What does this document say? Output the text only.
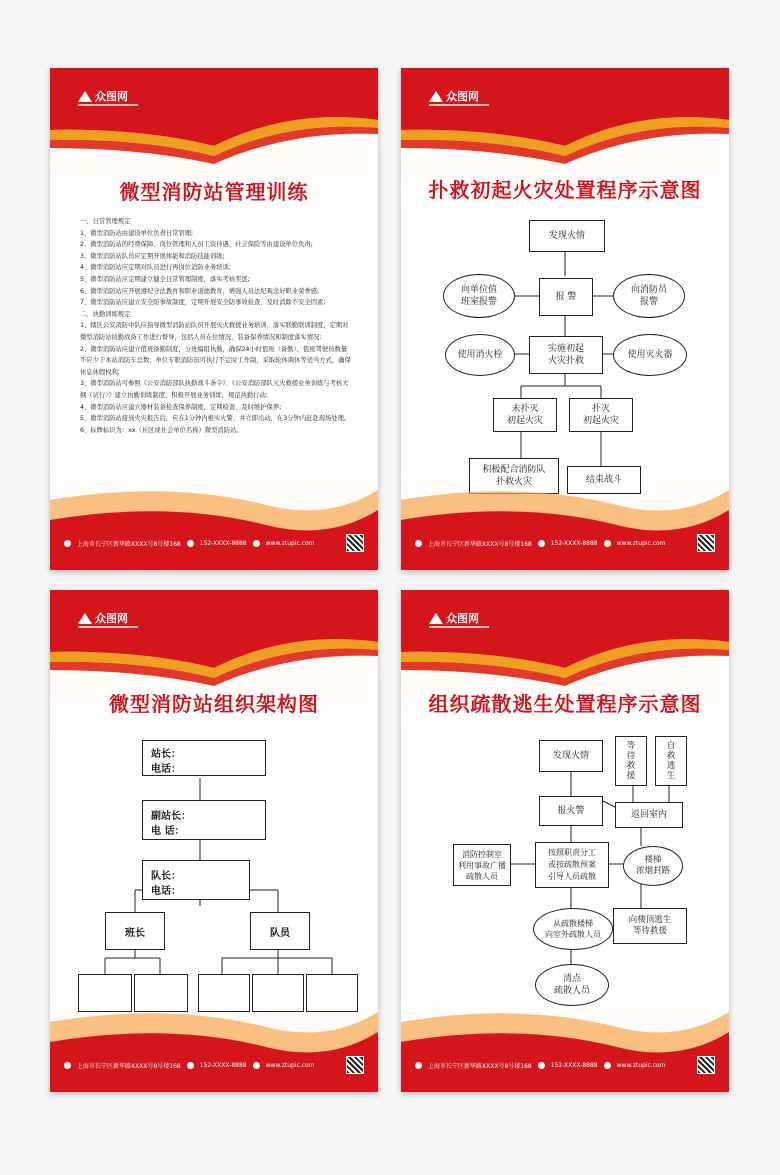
众图网
微型消防站管理训练

一、日常管理规定

1、微型消防站由建设单位负责日常管理;

2、微型消防站的经费保障、岗位管理和人员工资待遇、社会保险等由建设单位负责;

3、微型消防站队员应定期开展体能和消防技能训练;

4、微型消防站应定期对队员进行再岗位消防业务培训;

5、微型消防站应定期建立健全日常管理制度，落实考核奖惩;

6、微型消防站应开展遵纪守法教育和职业道德教育，增强人员法纪观念好职业荣誉感;

7、微型消防站应建立安全防事故制度，定期开展安全防事故检查，及时消除不安全因素;

二、执勤训练规定

1、辖区公安消防中队应指导微型消防站队员开展灭火救援业务培训，落实联勤联训制度，定期对微型消防站执勤战备工作进行督导，包括人员在位情况，装备保养情况和制度落实情况;

2、微型消防站应建立值班备勤制度，分班编组执勤，确保24小时值班（备勤），值班驾驶员数量不应少于本站消防车总数；单位专职消防员可执行不定时工作制，采取轮休调休等适当方式，确保休息休假权利;

3、微型消防站可参照《公安消防部队执勤战斗条令》、《公安消防部队灭火救援业务训练与考核大纲（试行）》建立执勤训练制度，积极开展业务训练，规范执勤行动;

4、微型消防站应建立器材装备检查保养制度，定期检查、及时维护保养;

5、微型消防站接到火灾报告后，应在1分钟内根实火警，并立即出动，在3分钟内赶赴现场处理。

6、标牌标识为：xx（社区或社会单位名称）微型消防站。

上海市长宁区新华路XXXX号8号楼168	152-XXXX-8888	www.ztupic.com
众图网
扑救初起火灾处置程序示意图
发现火情
向单位值
班室报警	报 警
向消防员
报警
使用消火栓
实施初起
火灾扑救
使用灭火器
未扑灭
初起火灾
扑灭
初起火灾
积极配合消防队
扑救火灾	结束战斗
上海市长宁区新华路XXXX号8号楼168	152-XXXX-8888	www.ztupic.com
众图网
微型消防站组织架构图
站长：
电话：
副站长：
电 话：
队长：
电话：
班长	队员
上海市长宁区新华路XXXX号8号楼168	152-XXXX-8888	www.ztupic.com
众图网
组织疏散逃生处置程序示意图
发现火情
等
待
救
援
自
救
逃
生
返回室内
报火警
消防控制室
利用事故广播
疏散人员
按照职责分工
或按疏散预案
引导人员疏散
楼梯
浓烟封路
从疏散楼梯
向室外疏散人员
向楼顶逃生
等待救援
清点
疏散人员
上海市长宁区新华路XXXX号8号楼168	152-XXXX-8888	www.ztupic.com
